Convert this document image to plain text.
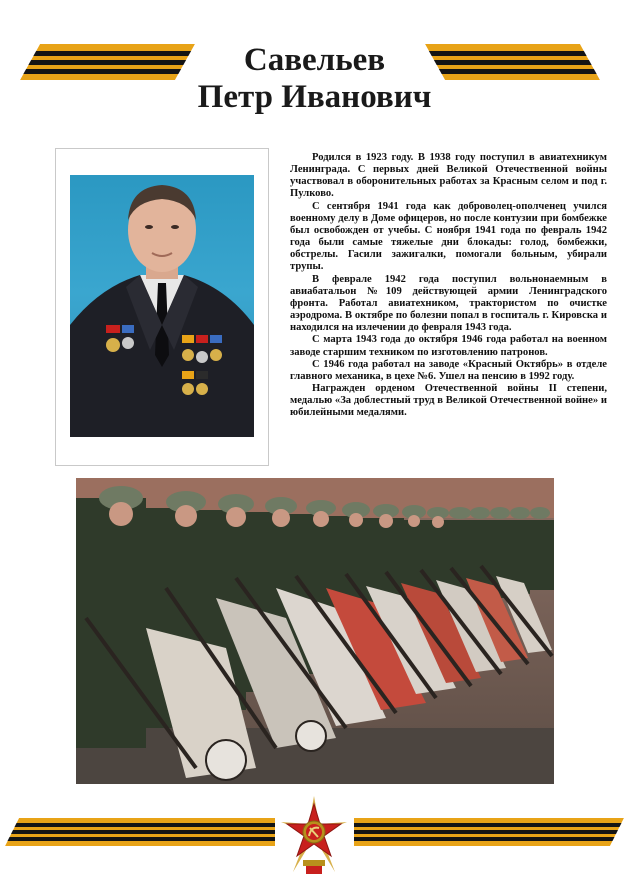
Савельев
Петр Иванович

Родился в 1923 году. В 1938 году поступил в авиатехникум Ленинграда. С первых дней Великой Отечественной войны участвовал в оборонительных работах за Красным селом и под г. Пулково.

С сентября 1941 года как доброволец-ополченец учился военному делу в Доме офицеров, но после контузии при бомбежке был освобожден от учебы. С ноября 1941 года по февраль 1942 года были самые тяжелые дни блокады: голод, бомбежки, обстрелы. Гасили зажигалки, помогали больным, убирали трупы.

В феврале 1942 года поступил вольнонаемным в авиабатальон №109 действующей армии Ленинградского фронта. Работал авиатехником, трактористом по очистке аэродрома. В октябре по болезни попал в госпиталь г. Кировска и находился на излечении до февраля 1943 года.

С марта 1943 года до октября 1946 года работал на военном заводе старшим техником по изготовлению патронов.

С 1946 года работал на заводе «Красный Октябрь» в отделе главного механика, в цехе №6. Ушел на пенсию в 1992 году.

Награжден орденом Отечественной войны II степени, медалью «За доблестный труд в Великой Отечественной войне» и юбилейными медалями.
